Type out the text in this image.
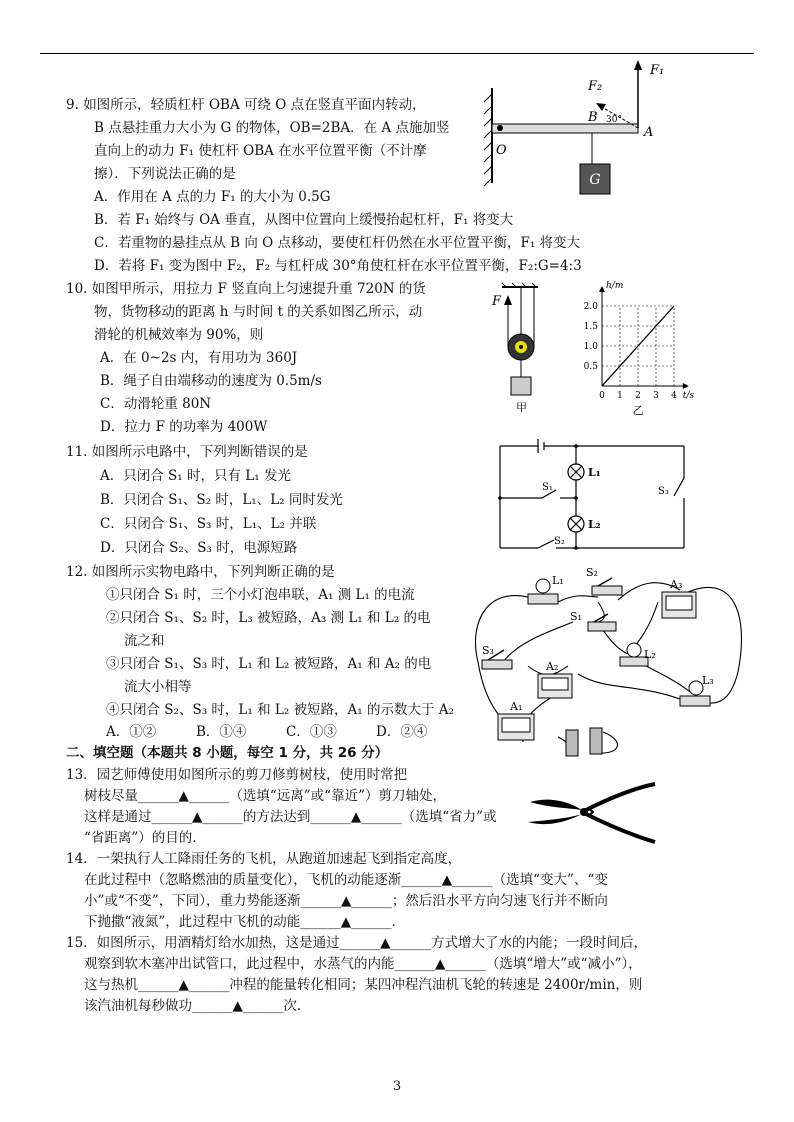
9. 如图所示，轻质杠杆 OBA 可绕 O 点在竖直平面内转动，
B 点悬挂重力大小为 G 的物体，OB=2BA．在 A 点施加竖
直向上的动力 F₁ 使杠杆 OBA 在水平位置平衡（不计摩
擦）．下列说法正确的是
A．作用在 A 点的力 F₁ 的大小为 0.5G
B．若 F₁ 始终与 OA 垂直，从图中位置向上缓慢抬起杠杆，F₁ 将变大
C．若重物的悬挂点从 B 向 O 点移动，要使杠杆仍然在水平位置平衡，F₁ 将变大
D．若将 F₁ 变为图中 F₂，F₂ 与杠杆成 30°角使杠杆在水平位置平衡，F₂:G=4:3
G
F₁
F₂
B 30°
A
O
10. 如图甲所示，用拉力 F 竖直向上匀速提升重 720N 的货
物，货物移动的距离 h 与时间 t 的关系如图乙所示，动
滑轮的机械效率为 90%，则
A．在 0~2s 内，有用功为 360J
B．绳子自由端移动的速度为 0.5m/s
C．动滑轮重 80N
D．拉力 F 的功率为 400W
F
甲
0.5
1.0
1.5
2.0
0 1 2 3 4
h/m
t/s
乙
11. 如图所示电路中，下列判断错误的是
A．只闭合 S₁ 时，只有 L₁ 发光
B．只闭合 S₁、S₂ 时，L₁、L₂ 同时发光
C．只闭合 S₁、S₃ 时，L₁、L₂ 并联
D．只闭合 S₂、S₃ 时，电源短路
L₁
L₂
S₁
S₂
S₃
12. 如图所示实物电路中，下列判断正确的是
①只闭合 S₁ 时，三个小灯泡串联，A₁ 测 L₁ 的电流
②只闭合 S₁、S₂ 时，L₃ 被短路，A₃ 测 L₁ 和 L₂ 的电
流之和
③只闭合 S₁、S₃ 时，L₁ 和 L₂ 被短路，A₁ 和 A₂ 的电
流大小相等
④只闭合 S₂、S₃ 时，L₁ 和 L₂ 被短路，A₁ 的示数大于 A₂
A．①②	B．①④	C．①③	D．②④
L₁
L₂
L₃
S₁
S₂
S₃
A₁
A₂
A₃
二、填空题（本题共 8 小题，每空 1 分，共 26 分）
13．园艺师傅使用如图所示的剪刀修剪树枝，使用时常把
树枝尽量______▲______（选填“远离”或“靠近”）剪刀轴处，
这样是通过______▲______的方法达到______▲______（选填“省力”或
“省距离”）的目的．
14．一架执行人工降雨任务的飞机，从跑道加速起飞到指定高度，
在此过程中（忽略燃油的质量变化），飞机的动能逐渐______▲______（选填“变大”、“变
小”或“不变”，下同），重力势能逐渐______▲______；然后沿水平方向匀速飞行并不断向
下抛撒“液氮”，此过程中飞机的动能______▲______．
15．如图所示，用酒精灯给水加热，这是通过______▲______方式增大了水的内能；一段时间后，
观察到软木塞冲出试管口，此过程中，水蒸气的内能______▲______（选填“增大”或“减小”），
这与热机______▲______冲程的能量转化相同；某四冲程汽油机飞轮的转速是 2400r/min，则
该汽油机每秒做功______▲______次.
3
